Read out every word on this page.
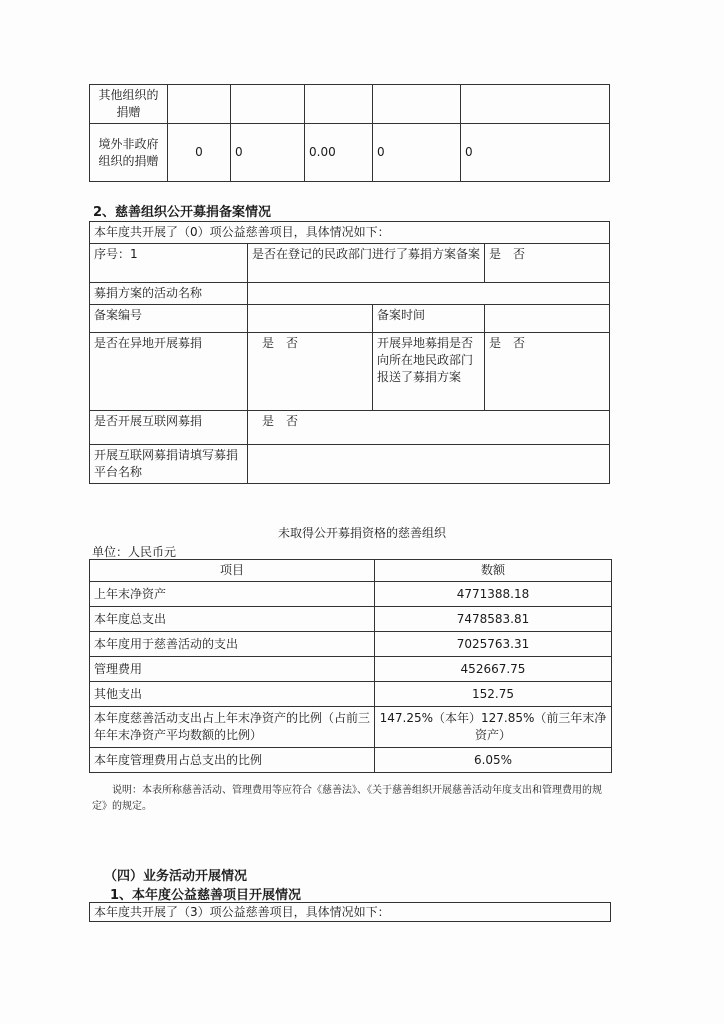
其他组织的捐赠					
境外非政府组织的捐赠	0	0	0.00	0	0
2、慈善组织公开募捐备案情况
本年度共开展了（0）项公益慈善项目，具体情况如下：			
序号：1	是否在登记的民政部门进行了募捐方案备案		是　否
募捐方案的活动名称			
备案编号		备案时间	
是否在异地开展募捐	是　否	开展异地募捐是否向所在地民政部门报送了募捐方案	是　否
是否开展互联网募捐	是　否		
开展互联网募捐请填写募捐平台名称			
未取得公开募捐资格的慈善组织
单位：人民币元
项目	数额
上年末净资产	4771388.18
本年度总支出	7478583.81
本年度用于慈善活动的支出	7025763.31
管理费用	452667.75
其他支出	152.75
本年度慈善活动支出占上年末净资产的比例（占前三年年末净资产平均数额的比例）	147.25%（本年）127.85%（前三年末净资产）
本年度管理费用占总支出的比例	6.05%
说明：本表所称慈善活动、管理费用等应符合《慈善法》、《关于慈善组织开展慈善活动年度支出和管理费用的规定》的规定。
（四）业务活动开展情况
1、本年度公益慈善项目开展情况
本年度共开展了（3）项公益慈善项目，具体情况如下：
